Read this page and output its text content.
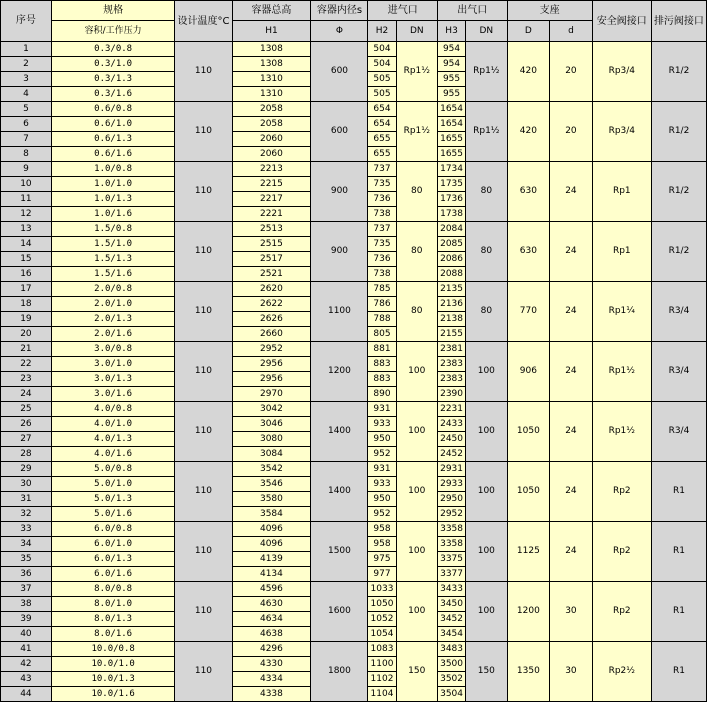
序号	规格	设计温度°C	容器总高	容器内径s	进气口		出气口		支座		安全阀接口	排污阀接口
	容积/工作压力		H1	Φ	H2	DN	H3	DN	D	d		
1	0.3/0.8	110	1308	600	504	Rp1½	954	Rp1½	420	20	Rp3/4	R1/2
2	0.3/1.0		1308		504		954					
3	0.3/1.3		1310		505		955					
4	0.3/1.6		1310		505		955					
5	0.6/0.8	110	2058	600	654	Rp1½	1654	Rp1½	420	20	Rp3/4	R1/2
6	0.6/1.0		2058		654		1654					
7	0.6/1.3		2060		655		1655					
8	0.6/1.6		2060		655		1655					
9	1.0/0.8	110	2213	900	737	80	1734	80	630	24	Rp1	R1/2
10	1.0/1.0		2215		735		1735					
11	1.0/1.3		2217		736		1736					
12	1.0/1.6		2221		738		1738					
13	1.5/0.8	110	2513	900	737	80	2084	80	630	24	Rp1	R1/2
14	1.5/1.0		2515		735		2085					
15	1.5/1.3		2517		736		2086					
16	1.5/1.6		2521		738		2088					
17	2.0/0.8	110	2620	1100	785	80	2135	80	770	24	Rp1¼	R3/4
18	2.0/1.0		2622		786		2136					
19	2.0/1.3		2626		788		2138					
20	2.0/1.6		2660		805		2155					
21	3.0/0.8	110	2952	1200	881	100	2381	100	906	24	Rp1½	R3/4
22	3.0/1.0		2956		883		2383					
23	3.0/1.3		2956		883		2383					
24	3.0/1.6		2970		890		2390					
25	4.0/0.8	110	3042	1400	931	100	2231	100	1050	24	Rp1½	R3/4
26	4.0/1.0		3046		933		2433					
27	4.0/1.3		3080		950		2450					
28	4.0/1.6		3084		952		2452					
29	5.0/0.8	110	3542	1400	931	100	2931	100	1050	24	Rp2	R1
30	5.0/1.0		3546		933		2933					
31	5.0/1.3		3580		950		2950					
32	5.0/1.6		3584		952		2952					
33	6.0/0.8	110	4096	1500	958	100	3358	100	1125	24	Rp2	R1
34	6.0/1.0		4096		958		3358					
35	6.0/1.3		4139		975		3375					
36	6.0/1.6		4134		977		3377					
37	8.0/0.8	110	4596	1600	1033	100	3433	100	1200	30	Rp2	R1
38	8.0/1.0		4630		1050		3450					
39	8.0/1.3		4634		1052		3452					
40	8.0/1.6		4638		1054		3454					
41	10.0/0.8	110	4296	1800	1083	150	3483	150	1350	30	Rp2½	R1
42	10.0/1.0		4330		1100		3500					
43	10.0/1.3		4334		1102		3502					
44	10.0/1.6		4338		1104		3504					
